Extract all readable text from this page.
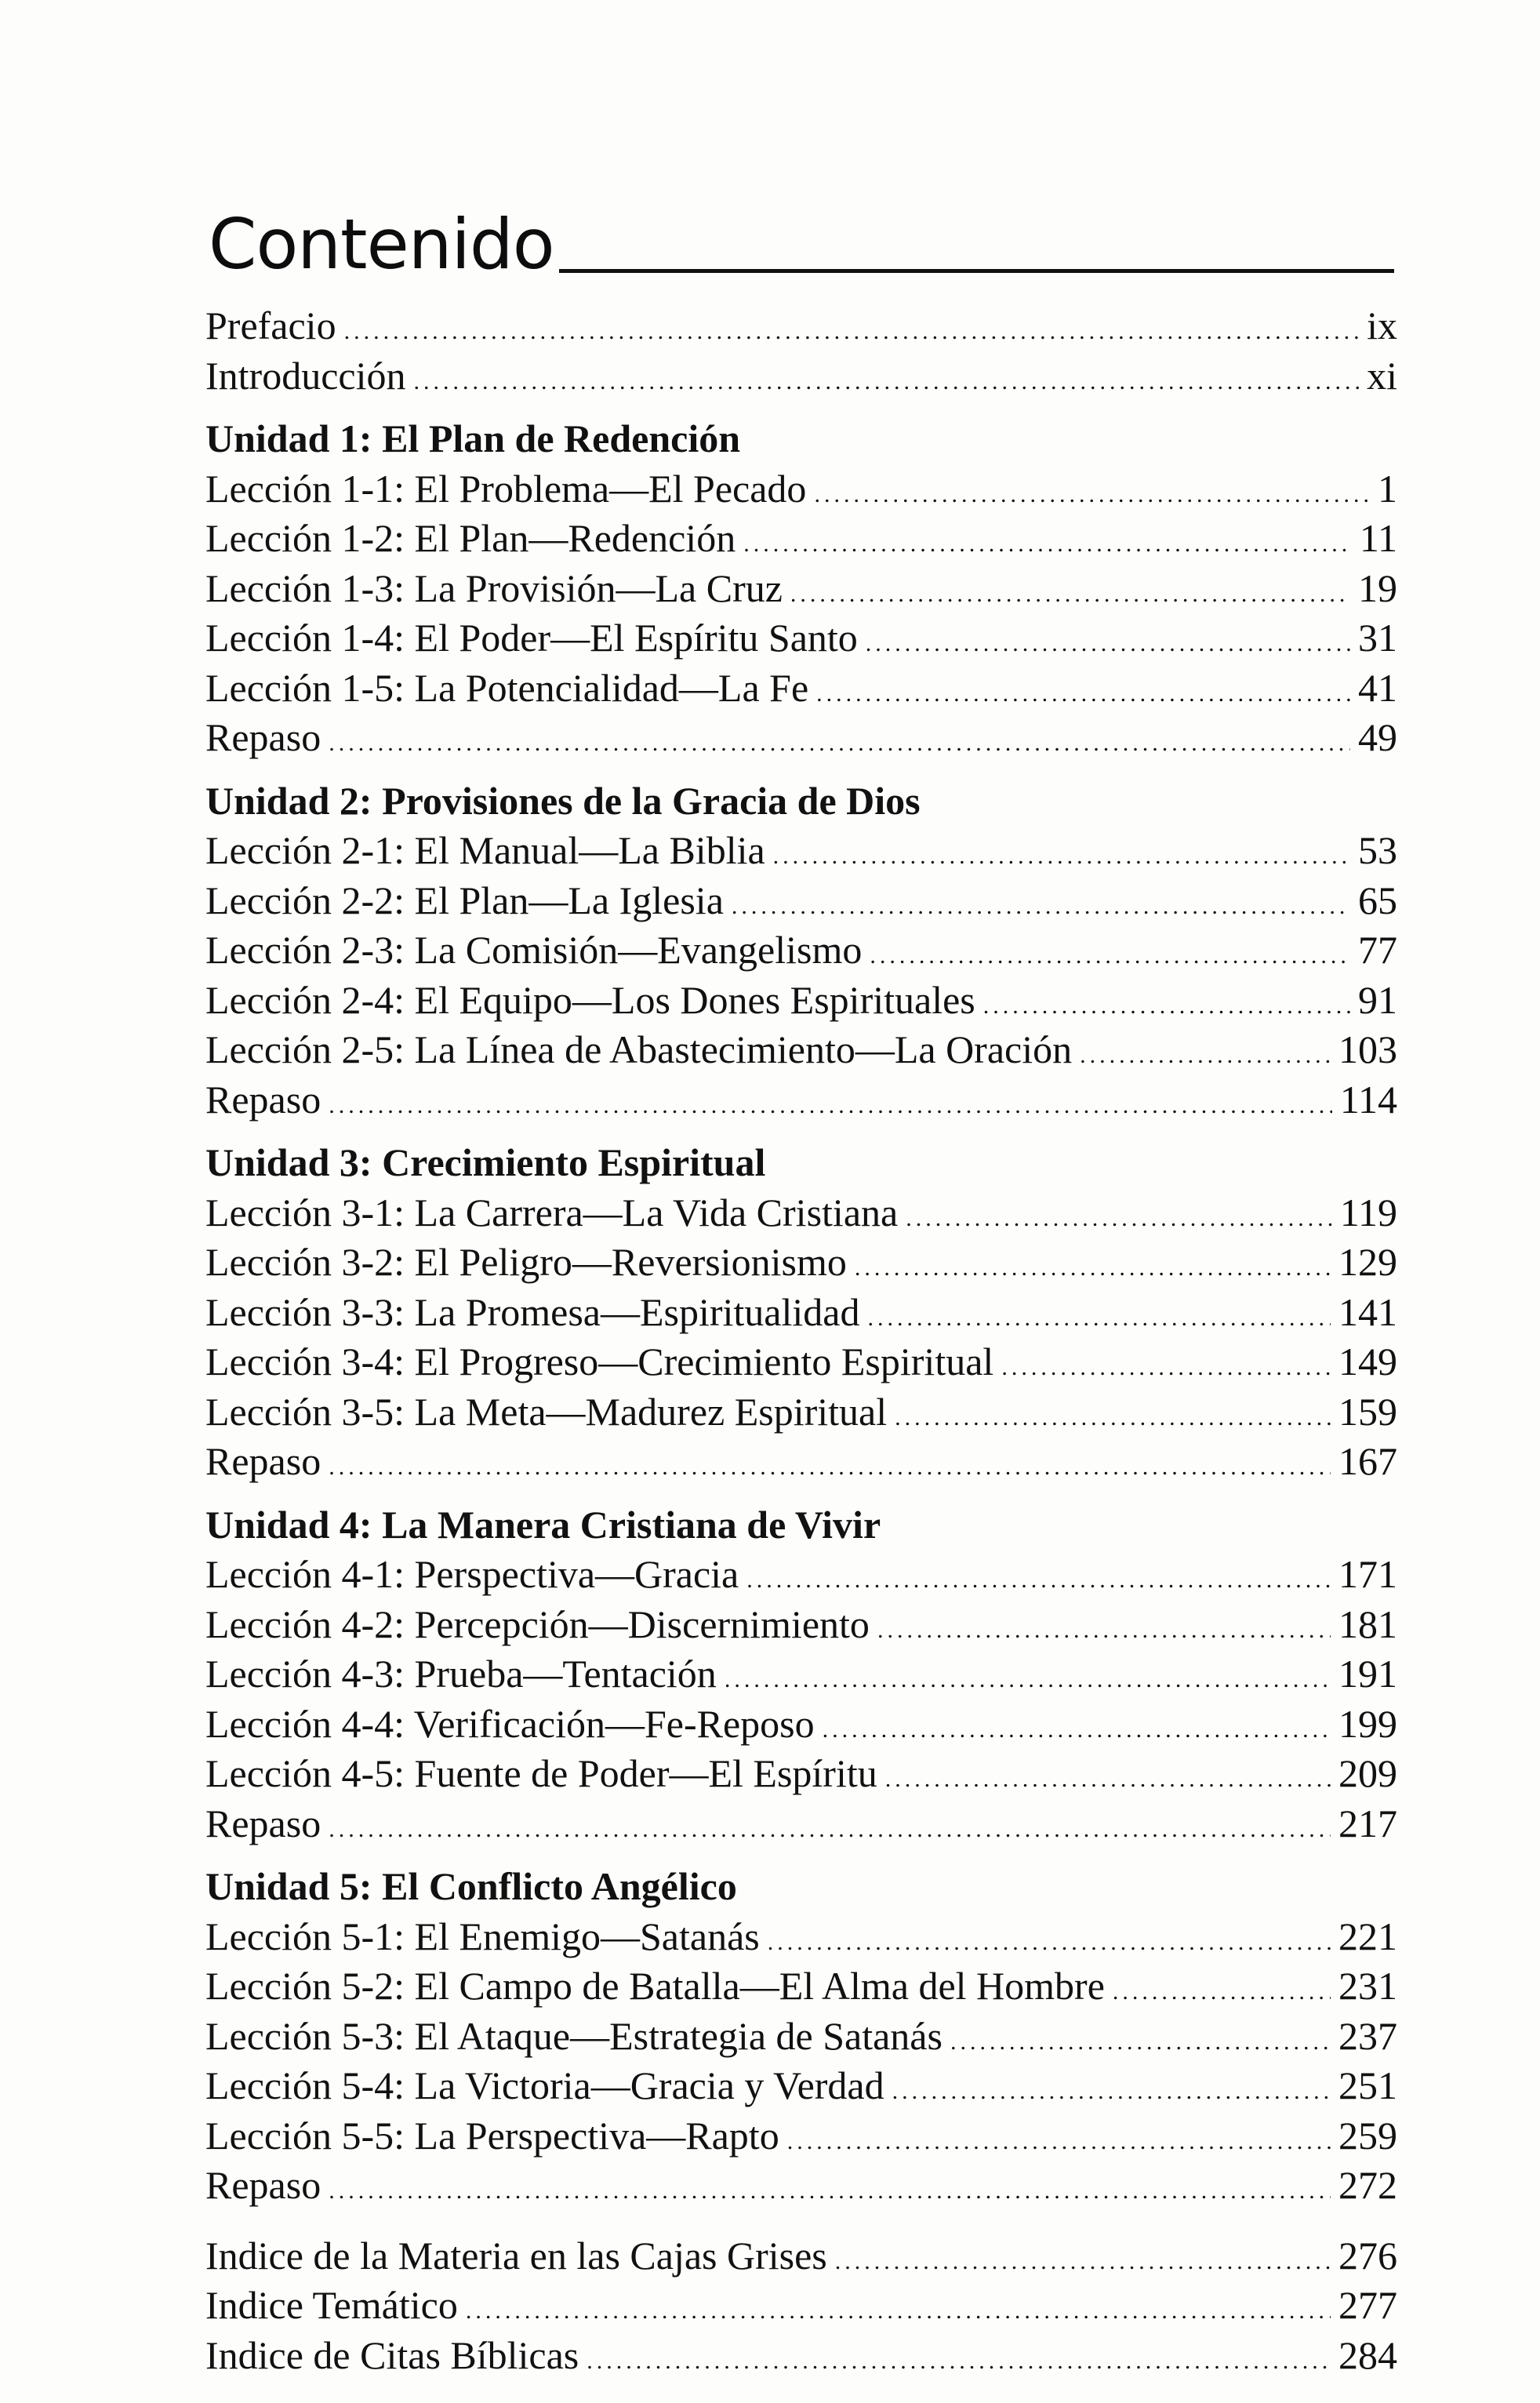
Contenido
Prefacio .....	ix
Introducción .....	xi
Unidad 1: El Plan de Redención
Lección 1-1: El Problema—El Pecado .....	1
Lección 1-2: El Plan—Redención .....	11
Lección 1-3: La Provisión—La Cruz .....	19
Lección 1-4: El Poder—El Espíritu Santo .....	31
Lección 1-5: La Potencialidad—La Fe .....	41
Repaso .....	49
Unidad 2: Provisiones de la Gracia de Dios
Lección 2-1: El Manual—La Biblia .....	53
Lección 2-2: El Plan—La Iglesia .....	65
Lección 2-3: La Comisión—Evangelismo .....	77
Lección 2-4: El Equipo—Los Dones Espirituales .....	91
Lección 2-5: La Línea de Abastecimiento—La Oración .....	103
Repaso .....	114
Unidad 3: Crecimiento Espiritual
Lección 3-1: La Carrera—La Vida Cristiana .....	119
Lección 3-2: El Peligro—Reversionismo .....	129
Lección 3-3: La Promesa—Espiritualidad .....	141
Lección 3-4: El Progreso—Crecimiento Espiritual .....	149
Lección 3-5: La Meta—Madurez Espiritual .....	159
Repaso .....	167
Unidad 4: La Manera Cristiana de Vivir
Lección 4-1: Perspectiva—Gracia .....	171
Lección 4-2: Percepción—Discernimiento .....	181
Lección 4-3: Prueba—Tentación .....	191
Lección 4-4: Verificación—Fe-Reposo .....	199
Lección 4-5: Fuente de Poder—El Espíritu .....	209
Repaso .....	217
Unidad 5: El Conflicto Angélico
Lección 5-1: El Enemigo—Satanás .....	221
Lección 5-2: El Campo de Batalla—El Alma del Hombre .....	231
Lección 5-3: El Ataque—Estrategia de Satanás .....	237
Lección 5-4: La Victoria—Gracia y Verdad .....	251
Lección 5-5: La Perspectiva—Rapto .....	259
Repaso .....	272
Indice de la Materia en las Cajas Grises .....	276
Indice Temático .....	277
Indice de Citas Bíblicas .....	284
